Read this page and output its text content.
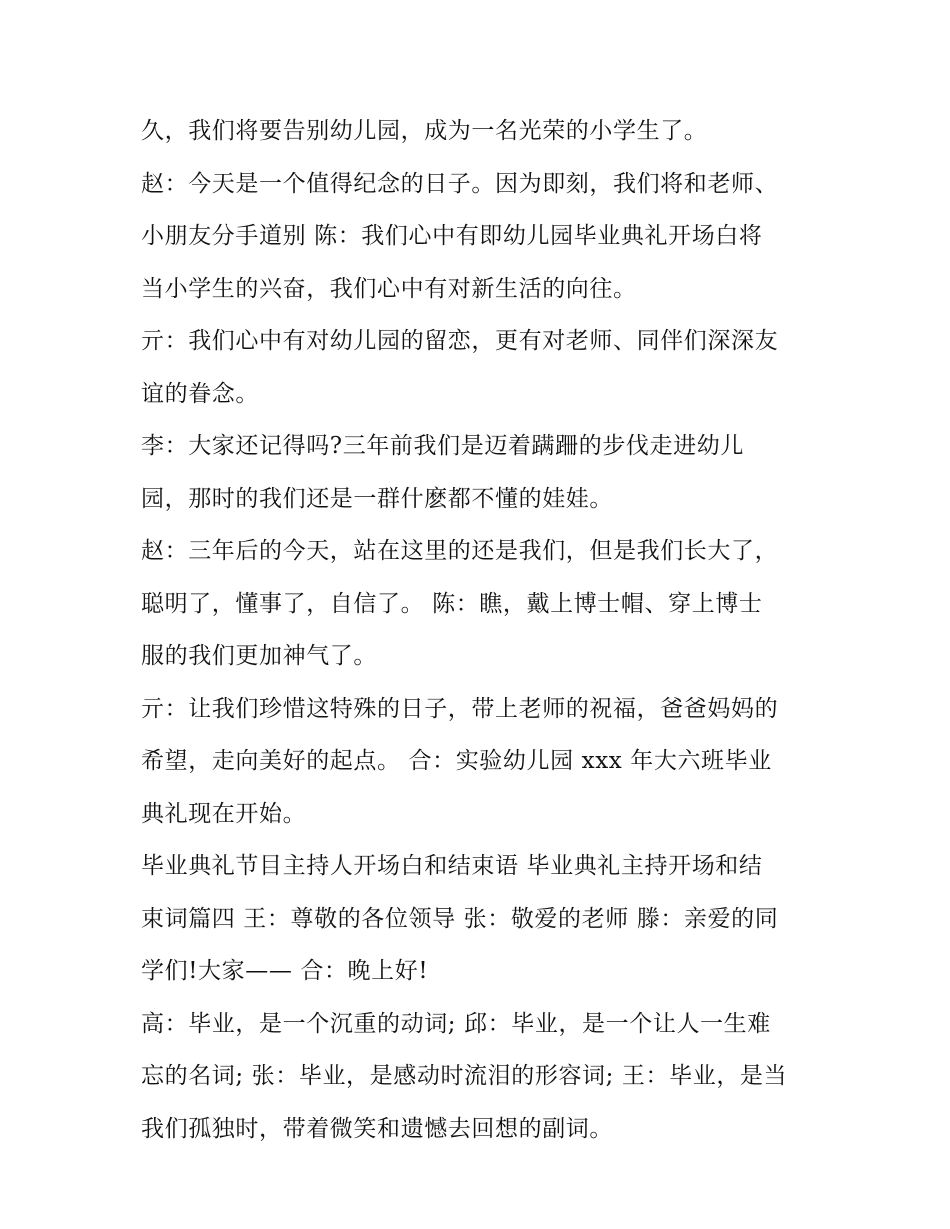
久，我们将要告别幼儿园，成为一名光荣的小学生了。
赵：今天是一个值得纪念的日子。因为即刻，我们将和老师、
小朋友分手道别 陈：我们心中有即幼儿园毕业典礼开场白将
当小学生的兴奋，我们心中有对新生活的向往。
亓：我们心中有对幼儿园的留恋，更有对老师、同伴们深深友
谊的眷念。
李：大家还记得吗?三年前我们是迈着蹒跚的步伐走进幼儿
园，那时的我们还是一群什麽都不懂的娃娃。
赵：三年后的今天，站在这里的还是我们，但是我们长大了，
聪明了，懂事了，自信了。 陈：瞧，戴上博士帽、穿上博士
服的我们更加神气了。
亓：让我们珍惜这特殊的日子，带上老师的祝福，爸爸妈妈的
希望，走向美好的起点。 合：实验幼儿园 xxx 年大六班毕业
典礼现在开始。
毕业典礼节目主持人开场白和结束语 毕业典礼主持开场和结
束词篇四 王：尊敬的各位领导 张：敬爱的老师 滕：亲爱的同
学们!大家—— 合：晚上好!
高：毕业，是一个沉重的动词; 邱：毕业，是一个让人一生难
忘的名词; 张：毕业，是感动时流泪的形容词; 王：毕业，是当
我们孤独时，带着微笑和遗憾去回想的副词。
